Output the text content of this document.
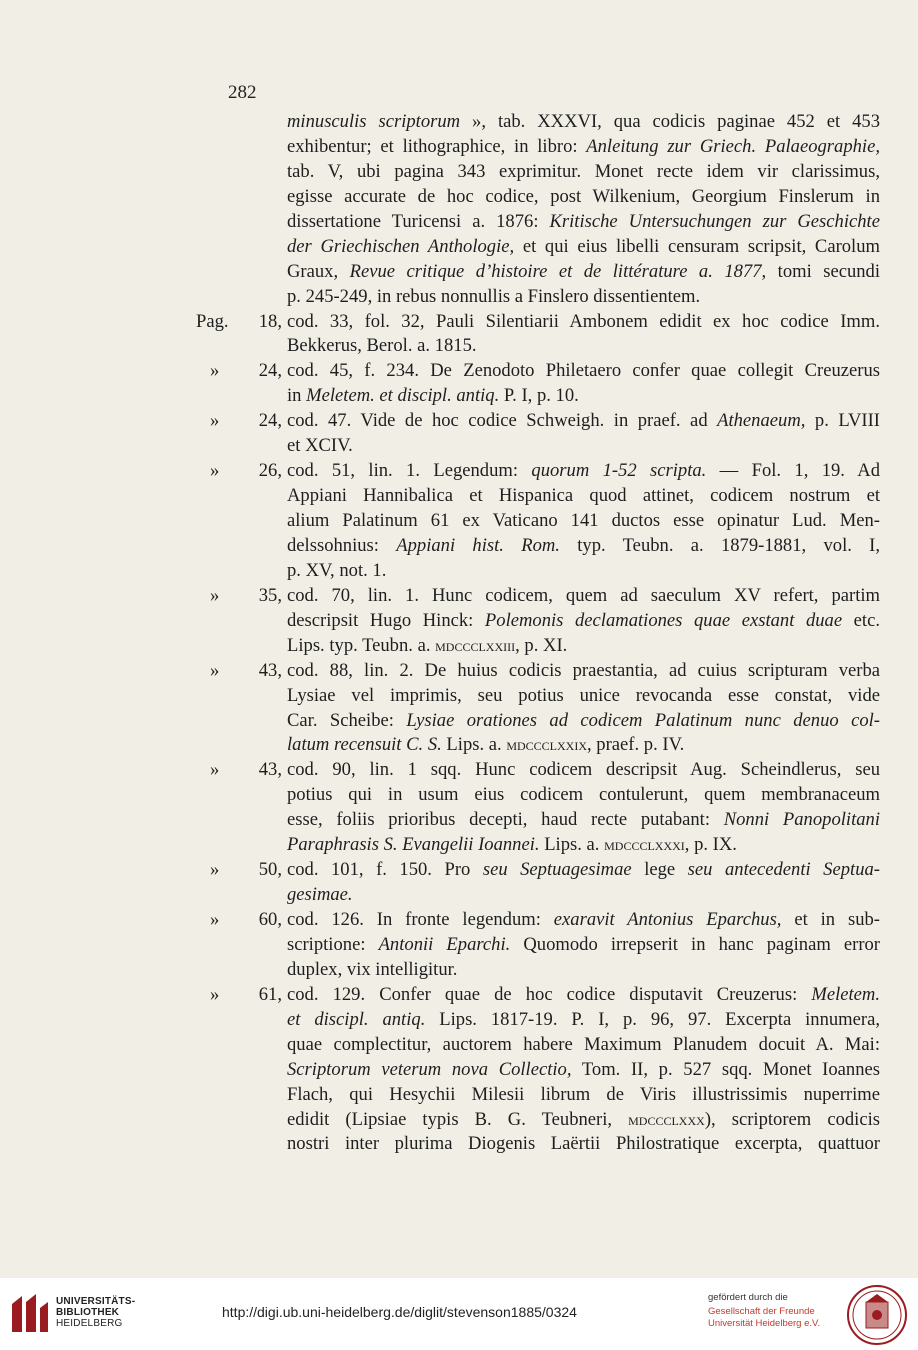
282
minusculis scriptorum », tab. XXXVI, qua codicis paginae 452 et 453
exhibentur; et lithographice, in libro: Anleitung zur Griech. Palaeographie,
tab. V, ubi pagina 343 exprimitur. Monet recte idem vir clarissimus,
egisse accurate de hoc codice, post Wilkenium, Georgium Finslerum in
dissertatione Turicensi a. 1876: Kritische Untersuchungen zur Geschichte
der Griechischen Anthologie, et qui eius libelli censuram scripsit, Carolum
Graux, Revue critique d’histoire et de littérature a. 1877, tomi secundi
p. 245-249, in rebus nonnullis a Finslero dissentientem.
Pag. 18, cod. 33, fol. 32, Pauli Silentiarii Ambonem edidit ex hoc codice Imm.
Bekkerus, Berol. a. 1815.
» 24, cod. 45, f. 234. De Zenodoto Philetaero confer quae collegit Creuzerus
in Meletem. et discipl. antiq. P. I, p. 10.
» 24, cod. 47. Vide de hoc codice Schweigh. in praef. ad Athenaeum, p. LVIII
et XCIV.
» 26, cod. 51, lin. 1. Legendum: quorum 1-52 scripta. — Fol. 1, 19. Ad
Appiani Hannibalica et Hispanica quod attinet, codicem nostrum et
alium Palatinum 61 ex Vaticano 141 ductos esse opinatur Lud. Men-
delssohnius: Appiani hist. Rom. typ. Teubn. a. 1879-1881, vol. I,
p. XV, not. 1.
» 35, cod. 70, lin. 1. Hunc codicem, quem ad saeculum XV refert, partim
descripsit Hugo Hinck: Polemonis declamationes quae exstant duae etc.
Lips. typ. Teubn. a. mdccclxxiii, p. XI.
» 43, cod. 88, lin. 2. De huius codicis praestantia, ad cuius scripturam verba
Lysiae vel imprimis, seu potius unice revocanda esse constat, vide
Car. Scheibe: Lysiae orationes ad codicem Palatinum nunc denuo col-
latum recensuit C. S. Lips. a. mdccclxxix, praef. p. IV.
» 43, cod. 90, lin. 1 sqq. Hunc codicem descripsit Aug. Scheindlerus, seu
potius qui in usum eius codicem contulerunt, quem membranaceum
esse, foliis prioribus decepti, haud recte putabant: Nonni Panopolitani
Paraphrasis S. Evangelii Ioannei. Lips. a. mdccclxxxi, p. IX.
» 50, cod. 101, f. 150. Pro seu Septuagesimae lege seu antecedenti Septua-
gesimae.
» 60, cod. 126. In fronte legendum: exaravit Antonius Eparchus, et in sub-
scriptione: Antonii Eparchi. Quomodo irrepserit in hanc paginam error
duplex, vix intelligitur.
» 61, cod. 129. Confer quae de hoc codice disputavit Creuzerus: Meletem.
et discipl. antiq. Lips. 1817-19. P. I, p. 96, 97. Excerpta innumera,
quae complectitur, auctorem habere Maximum Planudem docuit A. Mai:
Scriptorum veterum nova Collectio, Tom. II, p. 527 sqq. Monet Ioannes
Flach, qui Hesychii Milesii librum de Viris illustrissimis nuperrime
edidit (Lipsiae typis B. G. Teubneri, mdccclxxx), scriptorem codicis
nostri inter plurima Diogenis Laërtii Philostratique excerpta, quattuor
UNIVERSITÄTS-
BIBLIOTHEK
HEIDELBERG
http://digi.ub.uni-heidelberg.de/diglit/stevenson1885/0324
gefördert durch die
Gesellschaft der Freunde
Universität Heidelberg e.V.
